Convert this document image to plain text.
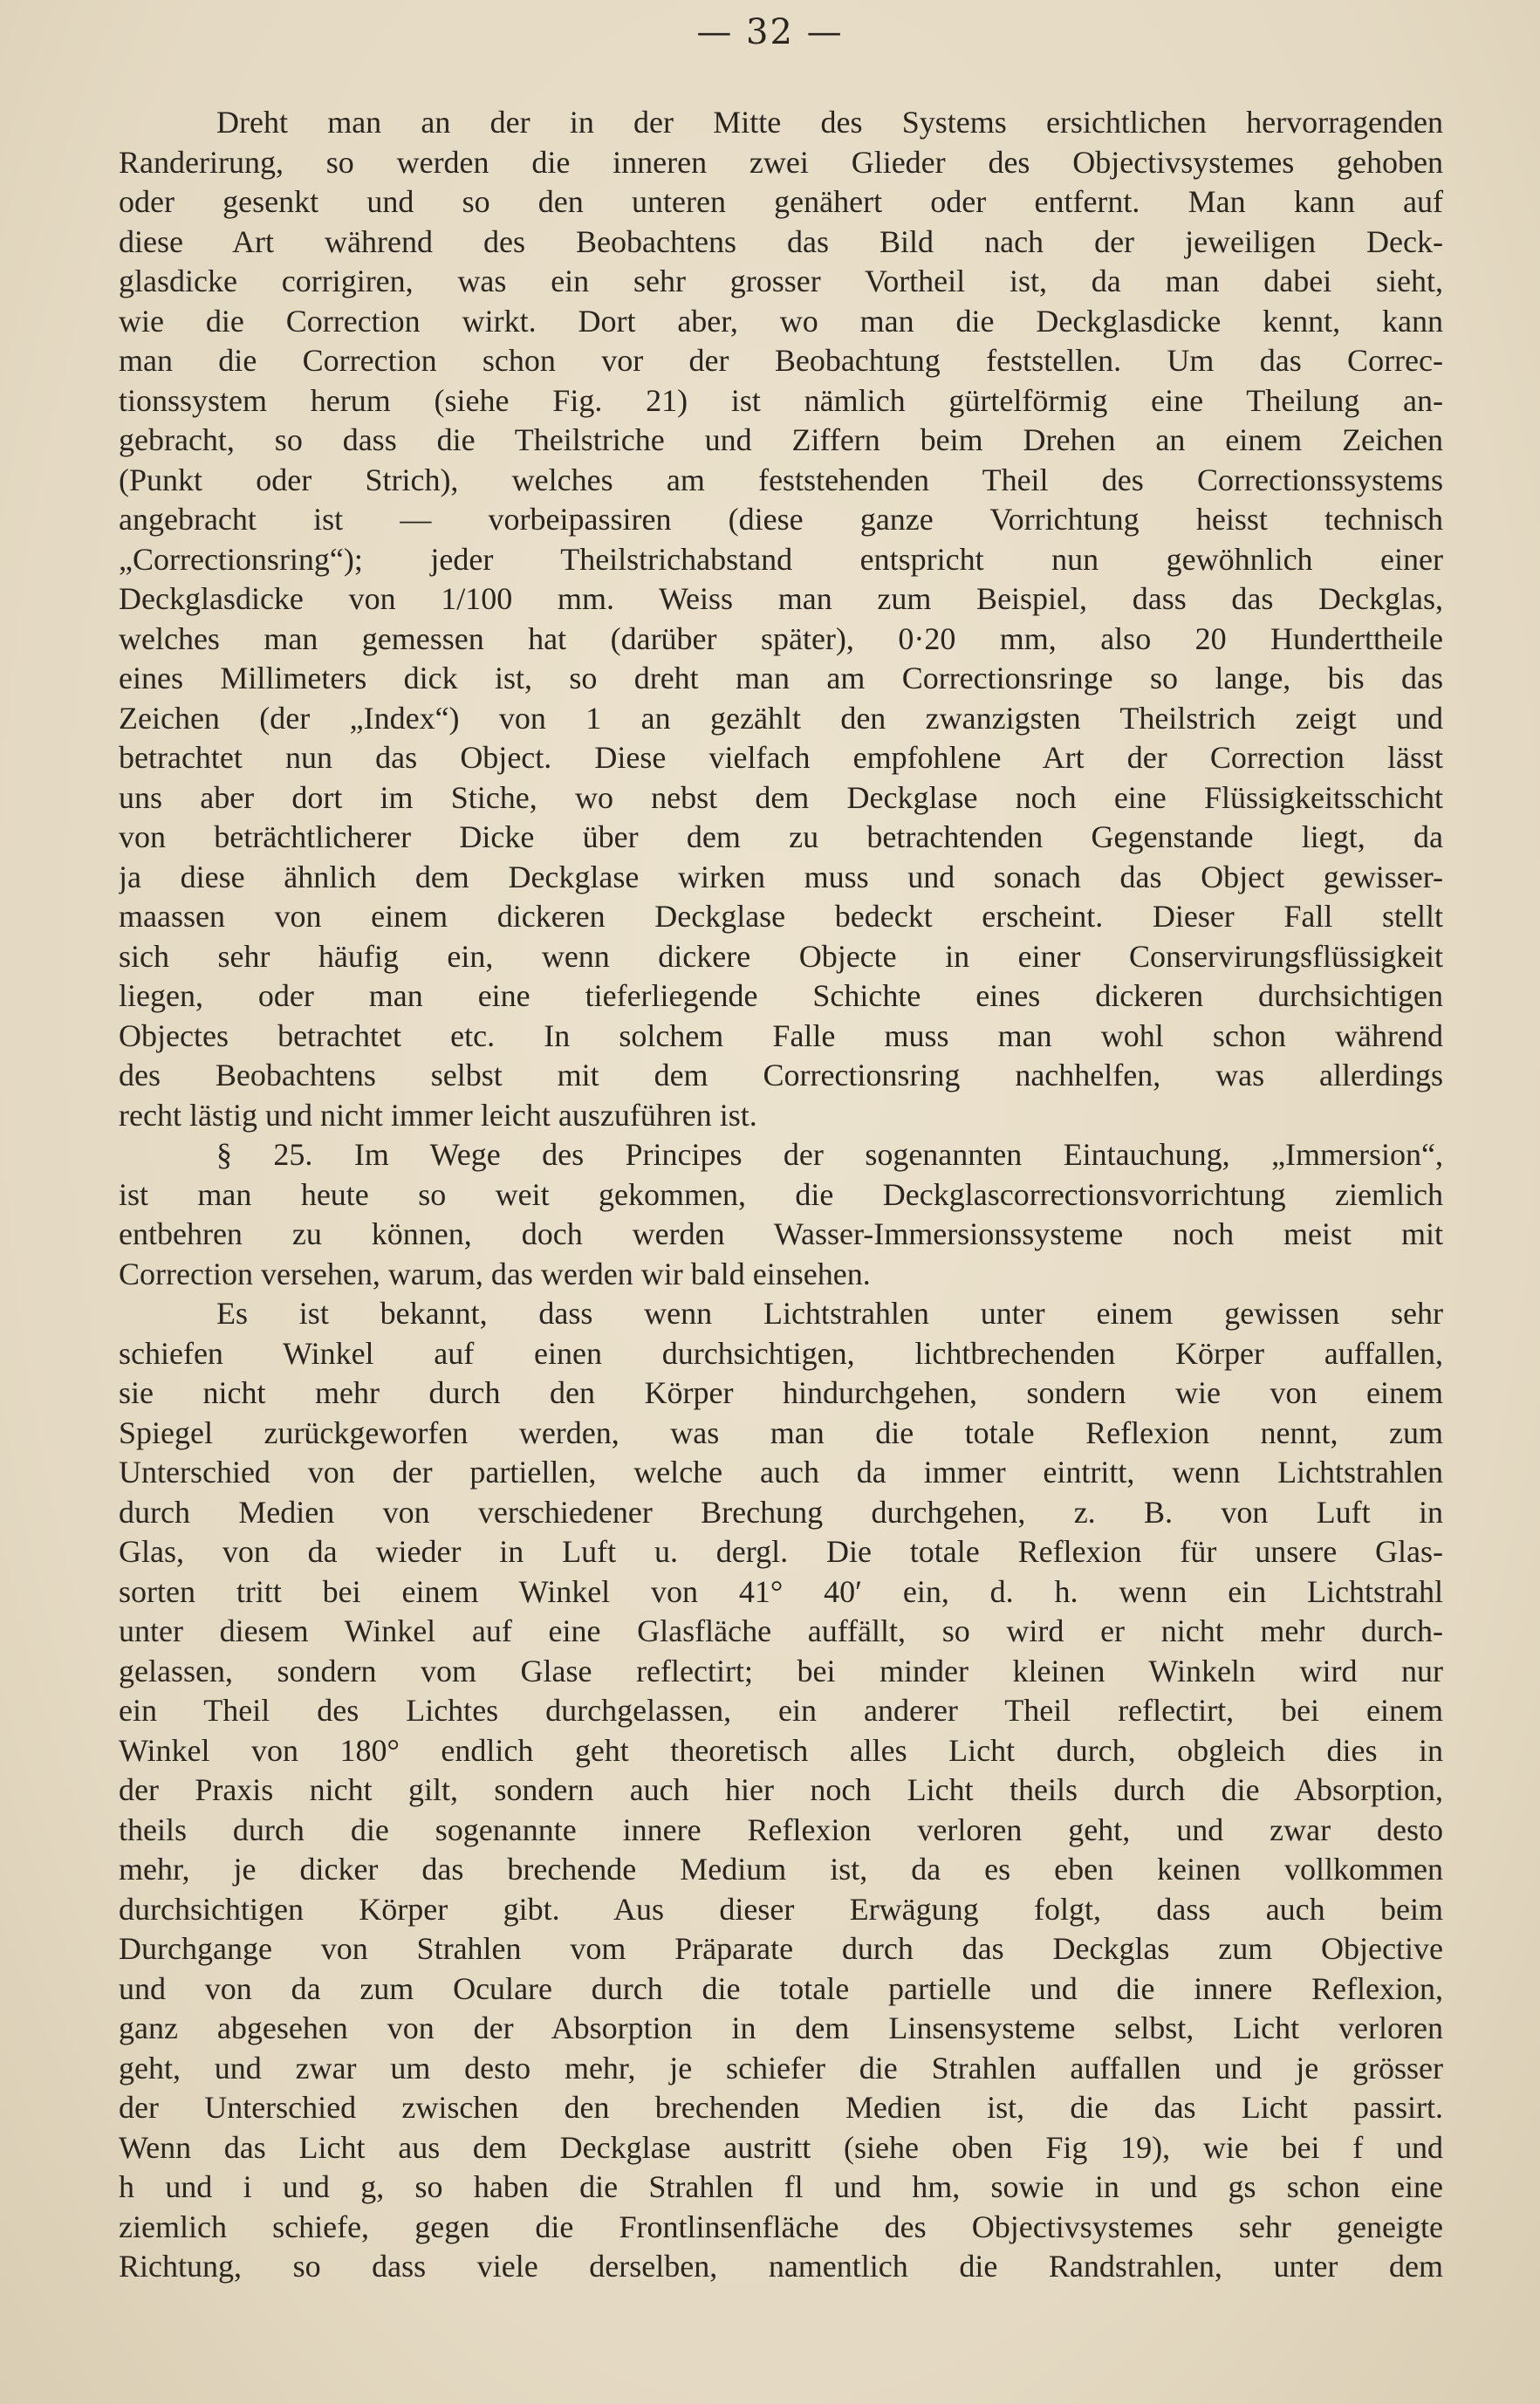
— 32 —
Dreht man an der in der Mitte des Systems ersichtlichen hervorragenden
Randerirung, so werden die inneren zwei Glieder des Objectivsystemes gehoben
oder gesenkt und so den unteren genähert oder entfernt. Man kann auf
diese Art während des Beobachtens das Bild nach der jeweiligen Deck-
glasdicke corrigiren, was ein sehr grosser Vortheil ist, da man dabei sieht,
wie die Correction wirkt. Dort aber, wo man die Deckglasdicke kennt, kann
man die Correction schon vor der Beobachtung feststellen. Um das Correc-
tionssystem herum (siehe Fig. 21) ist nämlich gürtelförmig eine Theilung an-
gebracht, so dass die Theilstriche und Ziffern beim Drehen an einem Zeichen
(Punkt oder Strich), welches am feststehenden Theil des Correctionssystems
angebracht ist — vorbeipassiren (diese ganze Vorrichtung heisst technisch
„Correctionsring“); jeder Theilstrichabstand entspricht nun gewöhnlich einer
Deckglasdicke von 1/100 mm. Weiss man zum Beispiel, dass das Deckglas,
welches man gemessen hat (darüber später), 0·20 mm, also 20 Hunderttheile
eines Millimeters dick ist, so dreht man am Correctionsringe so lange, bis das
Zeichen (der „Index“) von 1 an gezählt den zwanzigsten Theilstrich zeigt und
betrachtet nun das Object. Diese vielfach empfohlene Art der Correction lässt
uns aber dort im Stiche, wo nebst dem Deckglase noch eine Flüssigkeitsschicht
von beträchtlicherer Dicke über dem zu betrachtenden Gegenstande liegt, da
ja diese ähnlich dem Deckglase wirken muss und sonach das Object gewisser-
maassen von einem dickeren Deckglase bedeckt erscheint. Dieser Fall stellt
sich sehr häufig ein, wenn dickere Objecte in einer Conservirungsflüssigkeit
liegen, oder man eine tieferliegende Schichte eines dickeren durchsichtigen
Objectes betrachtet etc. In solchem Falle muss man wohl schon während
des Beobachtens selbst mit dem Correctionsring nachhelfen, was allerdings
recht lästig und nicht immer leicht auszuführen ist.
§ 25. Im Wege des Principes der sogenannten Eintauchung, „Immersion“,
ist man heute so weit gekommen, die Deckglascorrectionsvorrichtung ziemlich
entbehren zu können, doch werden Wasser-Immersionssysteme noch meist mit
Correction versehen, warum, das werden wir bald einsehen.
Es ist bekannt, dass wenn Lichtstrahlen unter einem gewissen sehr
schiefen Winkel auf einen durchsichtigen, lichtbrechenden Körper auffallen,
sie nicht mehr durch den Körper hindurchgehen, sondern wie von einem
Spiegel zurückgeworfen werden, was man die totale Reflexion nennt, zum
Unterschied von der partiellen, welche auch da immer eintritt, wenn Lichtstrahlen
durch Medien von verschiedener Brechung durchgehen, z. B. von Luft in
Glas, von da wieder in Luft u. dergl. Die totale Reflexion für unsere Glas-
sorten tritt bei einem Winkel von 41° 40′ ein, d. h. wenn ein Lichtstrahl
unter diesem Winkel auf eine Glasfläche auffällt, so wird er nicht mehr durch-
gelassen, sondern vom Glase reflectirt; bei minder kleinen Winkeln wird nur
ein Theil des Lichtes durchgelassen, ein anderer Theil reflectirt, bei einem
Winkel von 180° endlich geht theoretisch alles Licht durch, obgleich dies in
der Praxis nicht gilt, sondern auch hier noch Licht theils durch die Absorption,
theils durch die sogenannte innere Reflexion verloren geht, und zwar desto
mehr, je dicker das brechende Medium ist, da es eben keinen vollkommen
durchsichtigen Körper gibt. Aus dieser Erwägung folgt, dass auch beim
Durchgange von Strahlen vom Präparate durch das Deckglas zum Objective
und von da zum Oculare durch die totale partielle und die innere Reflexion,
ganz abgesehen von der Absorption in dem Linsensysteme selbst, Licht verloren
geht, und zwar um desto mehr, je schiefer die Strahlen auffallen und je grösser
der Unterschied zwischen den brechenden Medien ist, die das Licht passirt.
Wenn das Licht aus dem Deckglase austritt (siehe oben Fig 19), wie bei f und
h und i und g, so haben die Strahlen fl und hm, sowie in und gs schon eine
ziemlich schiefe, gegen die Frontlinsenfläche des Objectivsystemes sehr geneigte
Richtung, so dass viele derselben, namentlich die Randstrahlen, unter dem
